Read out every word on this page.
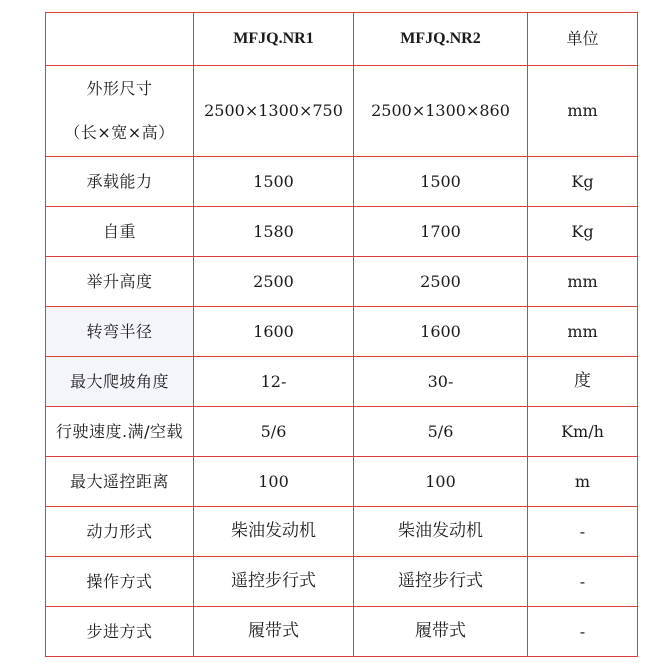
	MFJQ.NR1	MFJQ.NR2	单位

外形尺寸
（长×宽×高）	2500×1300×750	2500×1300×860	mm
承载能力	1500	1500	Kg
自重	1580	1700	Kg
举升高度	2500	2500	mm
转弯半径	1600	1600	mm
最大爬坡角度	12-	30-	度
行驶速度.满/空载	5/6	5/6	Km/h
最大遥控距离	100	100	m
动力形式	柴油发动机	柴油发动机	-
操作方式	遥控步行式	遥控步行式	-
步进方式	履带式	履带式	-
